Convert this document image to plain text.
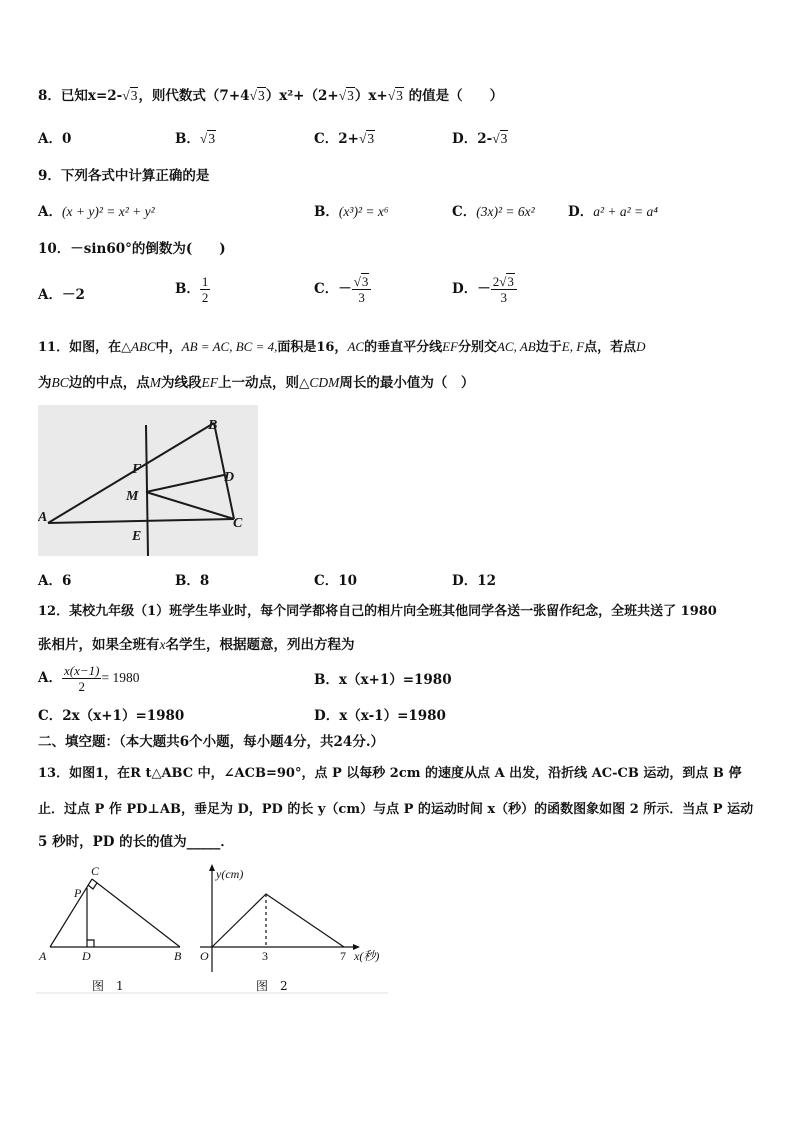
8．已知x=2-√3，则代数式（7+4√3）x²+（2+√3）x+√3 的值是（　　）
A．0	B．√3	C．2+√3	D．2-√3
9．下列各式中计算正确的是
A．(x + y)² = x² + y²	B．(x³)² = x⁶	C．(3x)² = 6x² D．a² + a² = a⁴
10．－sin60°的倒数为(　　)
A．－2	B． $\frac{1}{2}$	C．－ $\frac{√3}{3}$	D．－ $\frac{2√3}{3}$
11．如图，在△ABC中，AB = AC, BC = 4,面积是16，AC的垂直平分线EF分别交AC, AB边于E, F点，若点D
为BC边的中点，点M为线段EF上一动点，则△CDM周长的最小值为（　）
A
B
C
D
E
F
M
A．6	B．8	C．10	D．12
12．某校九年级（1）班学生毕业时，每个同学都将自己的相片向全班其他同学各送一张留作纪念，全班共送了 1980
张相片，如果全班有x名学生，根据题意，列出方程为
A． $\frac{x(x-1)}{2} = 1980$	B．x（x+1）=1980
C．2x（x+1）=1980	D．x（x-1）=1980
二、填空题：（本大题共6个小题，每小题4分，共24分.）
13．如图1，在R t△ABC 中，∠ACB=90°，点 P 以每秒 2cm 的速度从点 A 出发，沿折线 AC-CB 运动，到点 B 停
止．过点 P 作 PD⊥AB，垂足为 D，PD 的长 y（cm）与点 P 的运动时间 x（秒）的函数图象如图 2 所示．当点 P 运动
5 秒时，PD 的长的值为_____．
A	D	B
C
P
图　1
y(cm)
x(秒)
O	3	7
图　2
